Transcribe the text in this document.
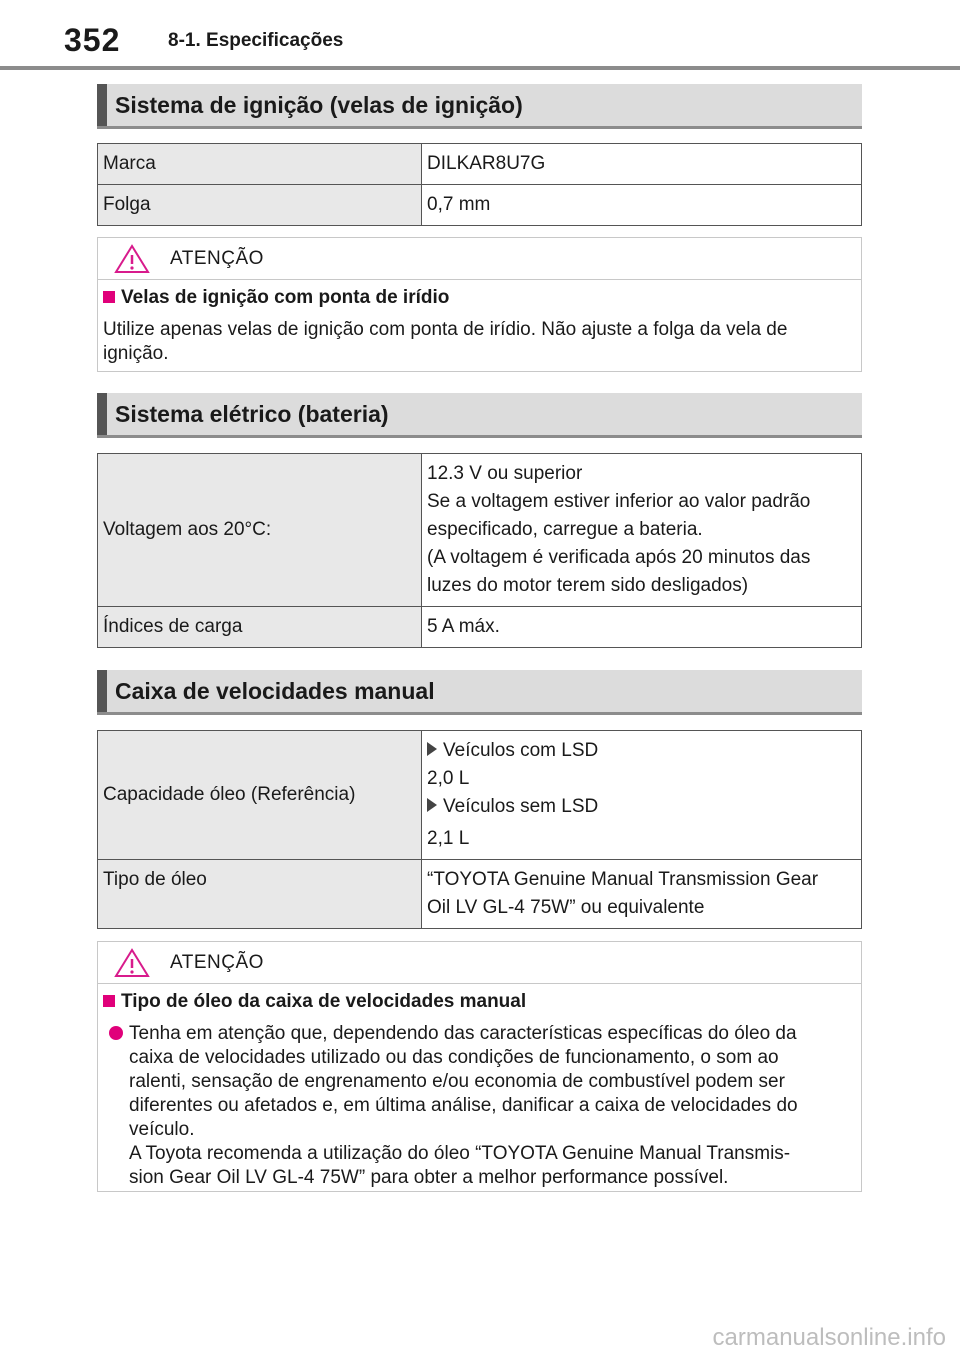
352	8-1. Especificações
Sistema de ignição (velas de ignição)
Marca	DILKAR8U7G
Folga	0,7 mm
ATENÇÃO
Velas de ignição com ponta de irídio
Utilize apenas velas de ignição com ponta de irídio. Não ajuste a folga da vela de ignição.
Sistema elétrico (bateria)
Voltagem aos 20°C:	12.3 V ou superior
Se a voltagem estiver inferior ao valor padrão
especificado, carregue a bateria.
(A voltagem é verificada após 20 minutos das
luzes do motor terem sido desligados)

Índices de carga	5 A máx.
Caixa de velocidades manual
Capacidade óleo (Referência)	Veículos com LSD
2,0 L
Veículos sem LSD
2,1 L

Tipo de óleo	“TOYOTA Genuine Manual Transmission Gear
Oil LV GL-4 75W” ou equivalente
ATENÇÃO
Tipo de óleo da caixa de velocidades manual
Tenha em atenção que, dependendo das características específicas do óleo da
caixa de velocidades utilizado ou das condições de funcionamento, o som ao
ralenti, sensação de engrenamento e/ou economia de combustível podem ser
diferentes ou afetados e, em última análise, danificar a caixa de velocidades do
veículo.
A Toyota recomenda a utilização do óleo “TOYOTA Genuine Manual Transmis-
sion Gear Oil LV GL-4 75W” para obter a melhor performance possível.
carmanualsonline.info
